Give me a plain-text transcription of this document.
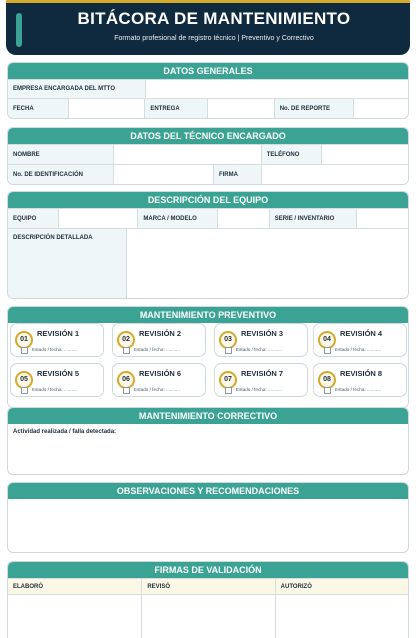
BITÁCORA DE MANTENIMIENTO
Formato profesional de registro técnico | Preventivo y Correctivo
DATOS GENERALES
EMPRESA ENCARGADA DEL MTTO
FECHA	ENTREGA	No. DE REPORTE
DATOS DEL TÉCNICO ENCARGADO
NOMBRE	TELÉFONO
No. DE IDENTIFICACIÓN	FIRMA
DESCRIPCIÓN DEL EQUIPO
EQUIPO	MARCA / MODELO	SERIE / INVENTARIO
DESCRIPCIÓN DETALLADA
MANTENIMIENTO PREVENTIVO
01
REVISIÓN 1
Estado / fecha: ...........
02
REVISIÓN 2
Estado / fecha: ...........
03
REVISIÓN 3
Estado / fecha: ...........
04
REVISIÓN 4
Estado / fecha: ...........
05
REVISIÓN 5
Estado / fecha: ...........
06
REVISIÓN 6
Estado / fecha: ...........
07
REVISIÓN 7
Estado / fecha: ...........
08
REVISIÓN 8
Estado / fecha: ...........
MANTENIMIENTO CORRECTIVO
Actividad realizada / falla detectada:
OBSERVACIONES Y RECOMENDACIONES
FIRMAS DE VALIDACIÓN
ELABORÓ	REVISÓ	AUTORIZÓ
